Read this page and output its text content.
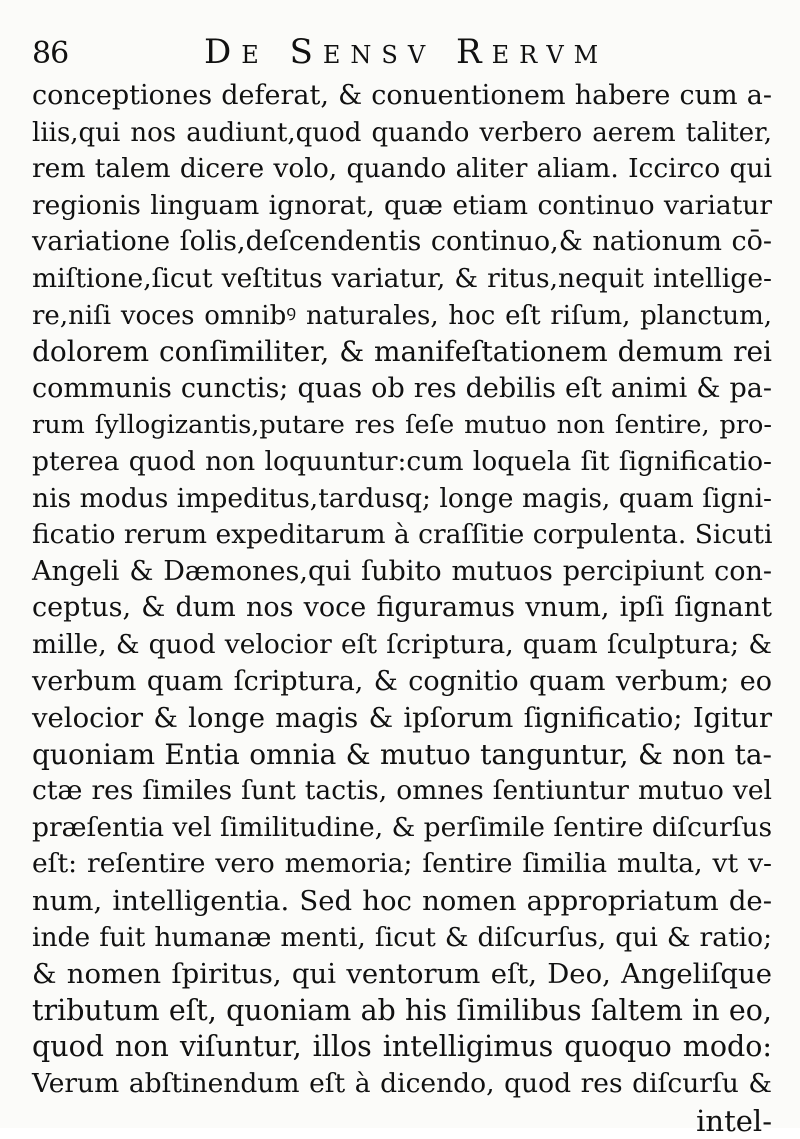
86	De Sensv Rervm
conceptiones deferat, & conuentionem habere cum a-
liis,qui nos audiunt,quod quando verbero aerem taliter,
rem talem dicere volo, quando aliter aliam. Iccirco qui
regionis linguam ignorat, quæ etiam continuo variatur
variatione ſolis,deſcendentis continuo,& nationum cō-
miſtione,ſicut veſtitus variatur, & ritus,nequit intellige-
re,niſi voces omnibꝰ naturales, hoc eſt riſum, planctum,
dolorem conſimiliter, & manifeſtationem demum rei
communis cunctis; quas ob res debilis eſt animi & pa-
rum ſyllogizantis,putare res ſeſe mutuo non ſentire, pro-
pterea quod non loquuntur:cum loquela ſit ſignificatio-
nis modus impeditus,tardusq; longe magis, quam ſigni-
ficatio rerum expeditarum à craſſitie corpulenta. Sicuti
Angeli & Dæmones,qui ſubito mutuos percipiunt con-
ceptus, & dum nos voce figuramus vnum, ipſi ſignant
mille, & quod velocior eſt ſcriptura, quam ſculptura; &
verbum quam ſcriptura, & cognitio quam verbum; eo
velocior & longe magis & ipſorum ſignificatio; Igitur
quoniam Entia omnia & mutuo tanguntur, & non ta-
ctæ res ſimiles ſunt tactis, omnes ſentiuntur mutuo vel
præſentia vel ſimilitudine, & perſimile ſentire diſcurſus
eſt: reſentire vero memoria; ſentire ſimilia multa, vt v-
num, intelligentia. Sed hoc nomen appropriatum de-
inde fuit humanæ menti, ſicut & diſcurſus, qui & ratio;
& nomen ſpiritus, qui ventorum eſt, Deo, Angeliſque
tributum eſt, quoniam ab his ſimilibus ſaltem in eo,
quod non viſuntur, illos intelligimus quoquo modo:
Verum abſtinendum eſt à dicendo, quod res diſcurſu &
intel-
